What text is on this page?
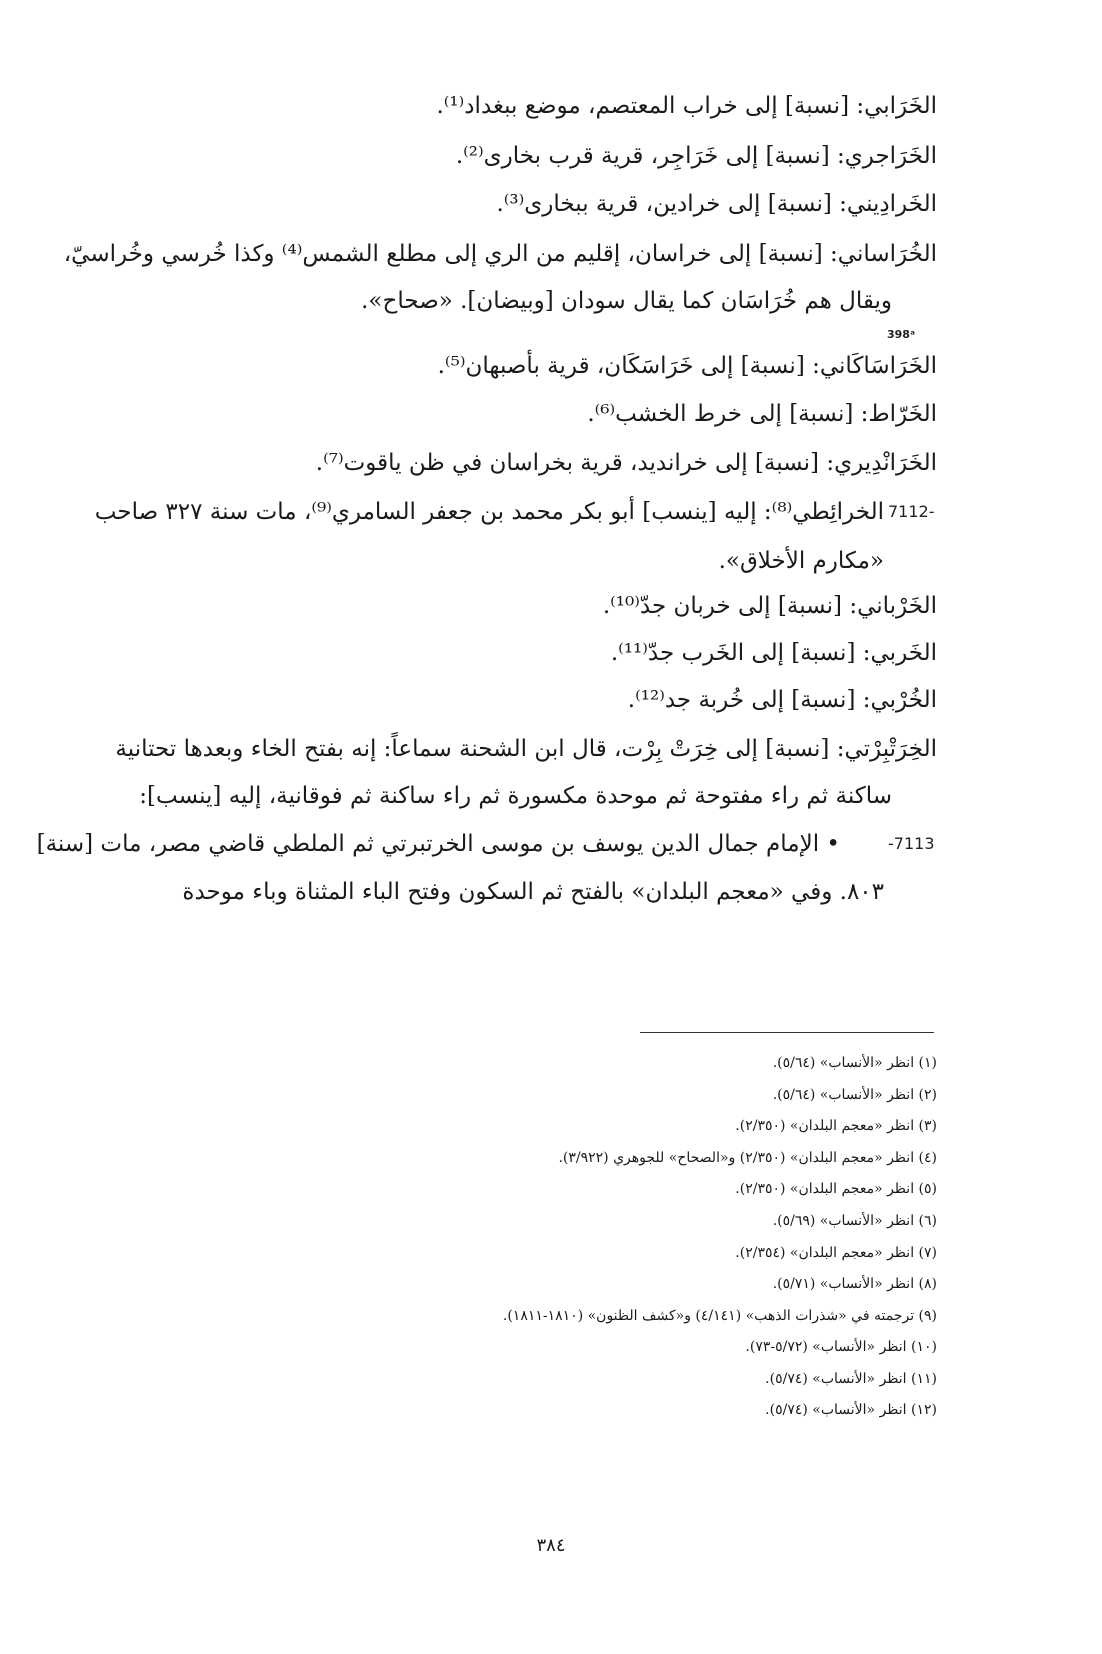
الخَرَابي: [نسبة] إلى خراب المعتصم، موضع ببغداد⁽¹⁾.
الخَرَاجري: [نسبة] إلى خَرَاجِر، قرية قرب بخارى⁽²⁾.
الخَرادِيني: [نسبة] إلى خرادين، قرية ببخارى⁽³⁾.
الخُرَاساني: [نسبة] إلى خراسان، إقليم من الري إلى مطلع الشمس⁽⁴⁾ وكذا خُرسي وخُراسيّ،
ويقال هم خُرَاسَان كما يقال سودان [وبيضان]. «صحاح».
398ᵃ
الخَرَاسَاكَاني: [نسبة] إلى خَرَاسَكَان، قرية بأصبهان⁽⁵⁾.
الخَرّاط: [نسبة] إلى خرط الخشب⁽⁶⁾.
الخَرَانْدِيري: [نسبة] إلى خرانديد، قرية بخراسان في ظن ياقوت⁽⁷⁾.
7112-
الخرائِطي⁽⁸⁾: إليه [ينسب] أبو بكر محمد بن جعفر السامري⁽⁹⁾، مات سنة ٣٢٧ صاحب
«مكارم الأخلاق».
الخَرْباني: [نسبة] إلى خربان جدّ⁽¹⁰⁾.
الخَربي: [نسبة] إلى الخَرب جدّ⁽¹¹⁾.
الخُرْبي: [نسبة] إلى خُربة جد⁽¹²⁾.
الخِرَتْبِرْتي: [نسبة] إلى خِرَتْ بِرْت، قال ابن الشحنة سماعاً: إنه بفتح الخاء وبعدها تحتانية
ساكنة ثم راء مفتوحة ثم موحدة مكسورة ثم راء ساكنة ثم فوقانية، إليه [ينسب]:
-7113
• الإمام جمال الدين يوسف بن موسى الخرتبرتي ثم الملطي قاضي مصر، مات [سنة]
٨٠٣. وفي «معجم البلدان» بالفتح ثم السكون وفتح الباء المثناة وباء موحدة
(١) انظر «الأنساب» (٥/٦٤).
(٢) انظر «الأنساب» (٥/٦٤).
(٣) انظر «معجم البلدان» (٢/٣٥٠).
(٤) انظر «معجم البلدان» (٢/٣٥٠) و«الصحاح» للجوهري (٣/٩٢٢).
(٥) انظر «معجم البلدان» (٢/٣٥٠).
(٦) انظر «الأنساب» (٥/٦٩).
(٧) انظر «معجم البلدان» (٢/٣٥٤).
(٨) انظر «الأنساب» (٥/٧١).
(٩) ترجمته في «شذرات الذهب» (٤/١٤١) و«كشف الظنون» (١٨١٠-١٨١١).
(١٠) انظر «الأنساب» (٥/٧٢-٧٣).
(١١) انظر «الأنساب» (٥/٧٤).
(١٢) انظر «الأنساب» (٥/٧٤).
٣٨٤
